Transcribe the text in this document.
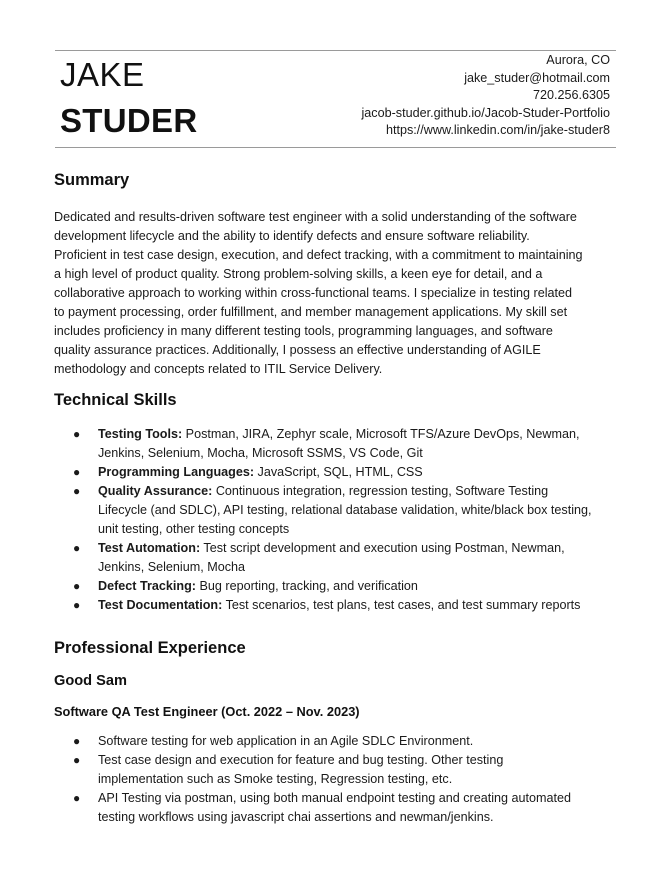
JAKE
STUDER
Aurora, CO
jake_studer@hotmail.com
720.256.6305
jacob-studer.github.io/Jacob-Studer-Portfolio
https://www.linkedin.com/in/jake-studer8
Summary
Dedicated and results-driven software test engineer with a solid understanding of the software
development lifecycle and the ability to identify defects and ensure software reliability.
Proficient in test case design, execution, and defect tracking, with a commitment to maintaining
a high level of product quality. Strong problem-solving skills, a keen eye for detail, and a
collaborative approach to working within cross-functional teams. I specialize in testing related
to payment processing, order fulfillment, and member management applications. My skill set
includes proficiency in many different testing tools, programming languages, and software
quality assurance practices. Additionally, I possess an effective understanding of AGILE
methodology and concepts related to ITIL Service Delivery.
Technical Skills
● Testing Tools: Postman, JIRA, Zephyr scale, Microsoft TFS/Azure DevOps, Newman,
Jenkins, Selenium, Mocha, Microsoft SSMS, VS Code, Git
● Programming Languages: JavaScript, SQL, HTML, CSS
● Quality Assurance: Continuous integration, regression testing, Software Testing
Lifecycle (and SDLC), API testing, relational database validation, white/black box testing,
unit testing, other testing concepts
● Test Automation: Test script development and execution using Postman, Newman,
Jenkins, Selenium, Mocha
● Defect Tracking: Bug reporting, tracking, and verification
● Test Documentation: Test scenarios, test plans, test cases, and test summary reports
Professional Experience
Good Sam
Software QA Test Engineer (Oct. 2022 – Nov. 2023)
● Software testing for web application in an Agile SDLC Environment.
● Test case design and execution for feature and bug testing. Other testing
implementation such as Smoke testing, Regression testing, etc.
● API Testing via postman, using both manual endpoint testing and creating automated
testing workflows using javascript chai assertions and newman/jenkins.
